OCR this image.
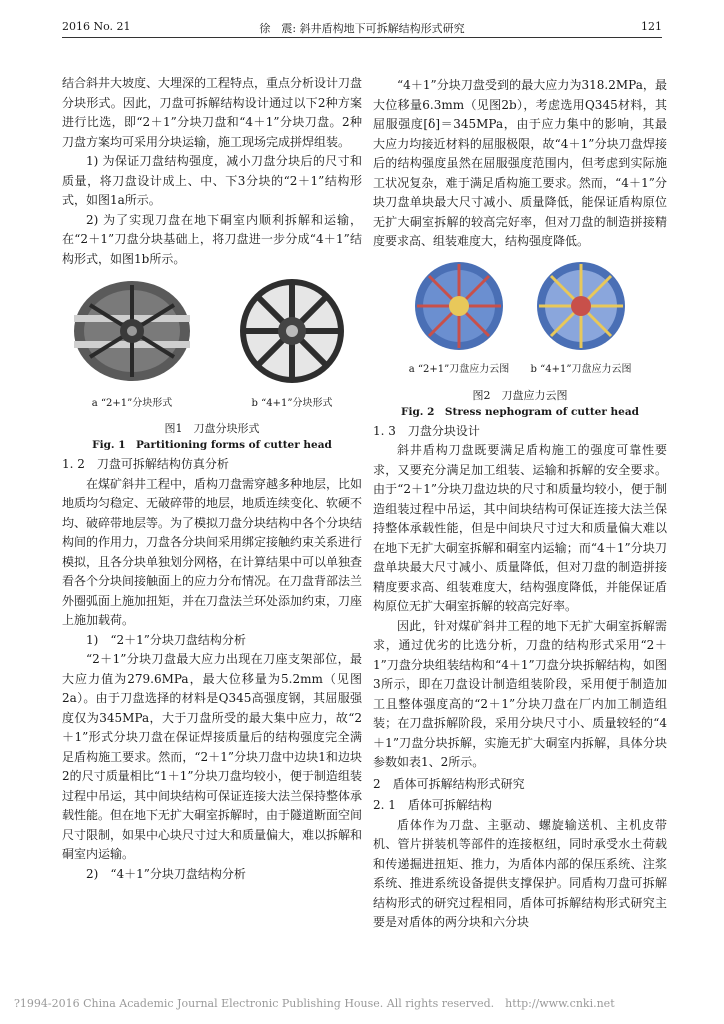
2016 No. 21	徐　震: 斜井盾构地下可拆解结构形式研究	121

结合斜井大坡度、大埋深的工程特点，重点分析设计刀盘分块形式。因此，刀盘可拆解结构设计通过以下2种方案进行比选，即“2＋1”分块刀盘和“4＋1”分块刀盘。2种刀盘方案均可采用分块运输，施工现场完成拼焊组装。

1) 为保证刀盘结构强度，减小刀盘分块后的尺寸和质量，将刀盘设计成上、中、下3分块的“2＋1”结构形式，如图1a所示。

2) 为了实现刀盘在地下硐室内顺利拆解和运输，在“2＋1”刀盘分块基础上，将刀盘进一步分成“4＋1”结构形式，如图1b所示。

a “2+1”分块形式	b “4+1”分块形式
图1　刀盘分块形式
Fig. 1　Partitioning forms of cutter head

1. 2　刀盘可拆解结构仿真分析

在煤矿斜井工程中，盾构刀盘需穿越多种地层，比如地质均匀稳定、无破碎带的地层，地质连续变化、软硬不均、破碎带地层等。为了模拟刀盘分块结构中各个分块结构间的作用力，刀盘各分块间采用绑定接触约束关系进行模拟，且各分块单独划分网格，在计算结果中可以单独查看各个分块间接触面上的应力分布情况。在刀盘背部法兰外圈弧面上施加扭矩，并在刀盘法兰环处添加约束，刀座上施加载荷。

1)　“2＋1”分块刀盘结构分析

“2＋1”分块刀盘最大应力出现在刀座支架部位，最大应力值为279.6MPa，最大位移量为5.2mm（见图2a）。由于刀盘选择的材料是Q345高强度钢，其屈服强度仅为345MPa，大于刀盘所受的最大集中应力，故“2＋1”形式分块刀盘在保证焊接质量后的结构强度完全满足盾构施工要求。然而，“2＋1”分块刀盘中边块1和边块2的尺寸质量相比“1＋1”分块刀盘均较小，便于制造组装过程中吊运，其中间块结构可保证连接大法兰保持整体承载性能。但在地下无扩大硐室拆解时，由于隧道断面空间尺寸限制，如果中心块尺寸过大和质量偏大，难以拆解和硐室内运输。

2)　“4＋1”分块刀盘结构分析

“4＋1”分块刀盘受到的最大应力为318.2MPa，最大位移量6.3mm（见图2b），考虑选用Q345材料，其屈服强度[δ]＝345MPa，由于应力集中的影响，其最大应力均接近材料的屈服极限，故“4＋1”分块刀盘焊接后的结构强度虽然在屈服强度范围内，但考虑到实际施工状况复杂，难于满足盾构施工要求。然而，“4＋1”分块刀盘单块最大尺寸减小、质量降低，能保证盾构原位无扩大硐室拆解的较高完好率，但对刀盘的制造拼接精度要求高、组装难度大，结构强度降低。

a “2+1”刀盘应力云图	b “4+1”刀盘应力云图
图2　刀盘应力云图
Fig. 2　Stress nephogram of cutter head

1. 3　刀盘分块设计

斜井盾构刀盘既要满足盾构施工的强度可靠性要求，又要充分满足加工组装、运输和拆解的安全要求。由于“2＋1”分块刀盘边块的尺寸和质量均较小，便于制造组装过程中吊运，其中间块结构可保证连接大法兰保持整体承载性能，但是中间块尺寸过大和质量偏大难以在地下无扩大硐室拆解和硐室内运输；而“4＋1”分块刀盘单块最大尺寸减小、质量降低，但对刀盘的制造拼接精度要求高、组装难度大，结构强度降低，并能保证盾构原位无扩大硐室拆解的较高完好率。

因此，针对煤矿斜井工程的地下无扩大硐室拆解需求，通过优劣的比选分析，刀盘的结构形式采用“2＋1”刀盘分块组装结构和“4＋1”刀盘分块拆解结构，如图3所示，即在刀盘设计制造组装阶段，采用便于制造加工且整体强度高的“2＋1”分块刀盘在厂内加工制造组装；在刀盘拆解阶段，采用分块尺寸小、质量较轻的“4＋1”刀盘分块拆解，实施无扩大硐室内拆解，具体分块参数如表1、2所示。

2　盾体可拆解结构形式研究

2. 1　盾体可拆解结构

盾体作为刀盘、主驱动、螺旋输送机、主机皮带机、管片拼装机等部件的连接枢纽，同时承受水土荷载和传递掘进扭矩、推力，为盾体内部的保压系统、注浆系统、推进系统设备提供支撑保护。同盾构刀盘可拆解结构形式的研究过程相同，盾体可拆解结构形式研究主要是对盾体的两分块和六分块

?1994-2016 China Academic Journal Electronic Publishing House. All rights reserved.　http://www.cnki.net
